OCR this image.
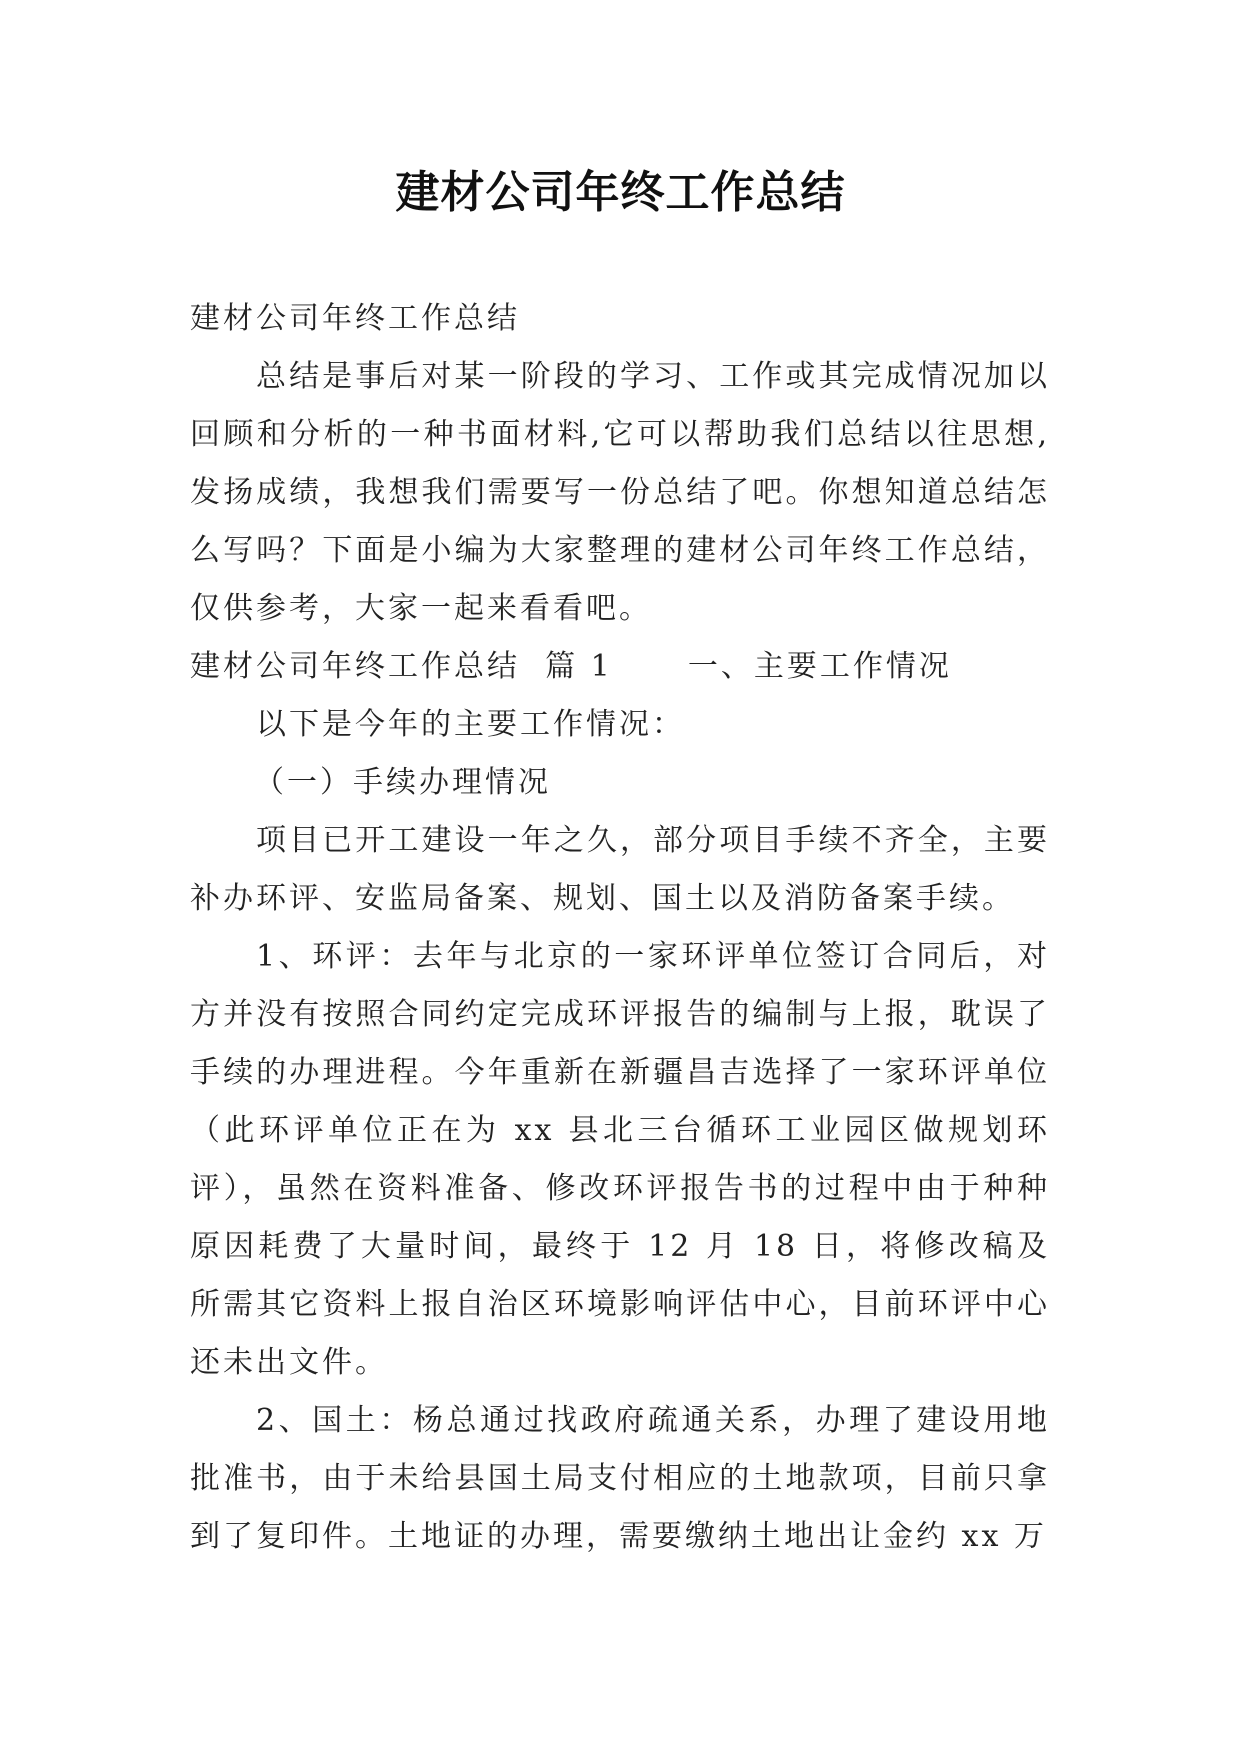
建材公司年终工作总结

建材公司年终工作总结

总结是事后对某一阶段的学习、工作或其完成情况加以回顾和分析的一种书面材料,它可以帮助我们总结以往思想,发扬成绩，我想我们需要写一份总结了吧。你想知道总结怎么写吗？下面是小编为大家整理的建材公司年终工作总结，仅供参考，大家一起来看看吧。

建材公司年终工作总结  篇 1      一、主要工作情况

以下是今年的主要工作情况：

（一）手续办理情况

项目已开工建设一年之久，部分项目手续不齐全，主要补办环评、安监局备案、规划、国土以及消防备案手续。

1、环评：去年与北京的一家环评单位签订合同后，对方并没有按照合同约定完成环评报告的编制与上报，耽误了手续的办理进程。今年重新在新疆昌吉选择了一家环评单位（此环评单位正在为 xx 县北三台循环工业园区做规划环评），虽然在资料准备、修改环评报告书的过程中由于种种原因耗费了大量时间，最终于 12 月 18 日，将修改稿及所需其它资料上报自治区环境影响评估中心，目前环评中心还未出文件。

2、国土：杨总通过找政府疏通关系，办理了建设用地批准书，由于未给县国土局支付相应的土地款项，目前只拿到了复印件。土地证的办理，需要缴纳土地出让金约 xx 万
